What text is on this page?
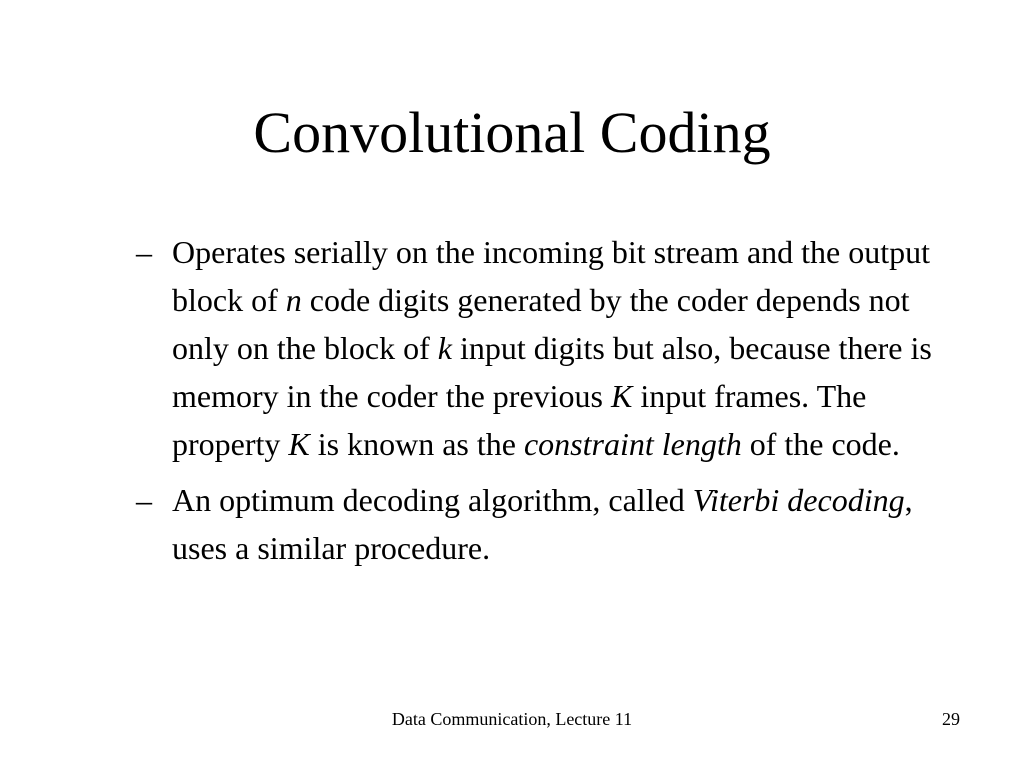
Convolutional Coding
– Operates serially on the incoming bit stream and the output block of n code digits generated by the coder depends not only on the block of k input digits but also, because there is memory in the coder the previous K input frames. The property K is known as the constraint length of the code.
– An optimum decoding algorithm, called Viterbi decoding, uses a similar procedure.
Data Communication, Lecture 11	29
